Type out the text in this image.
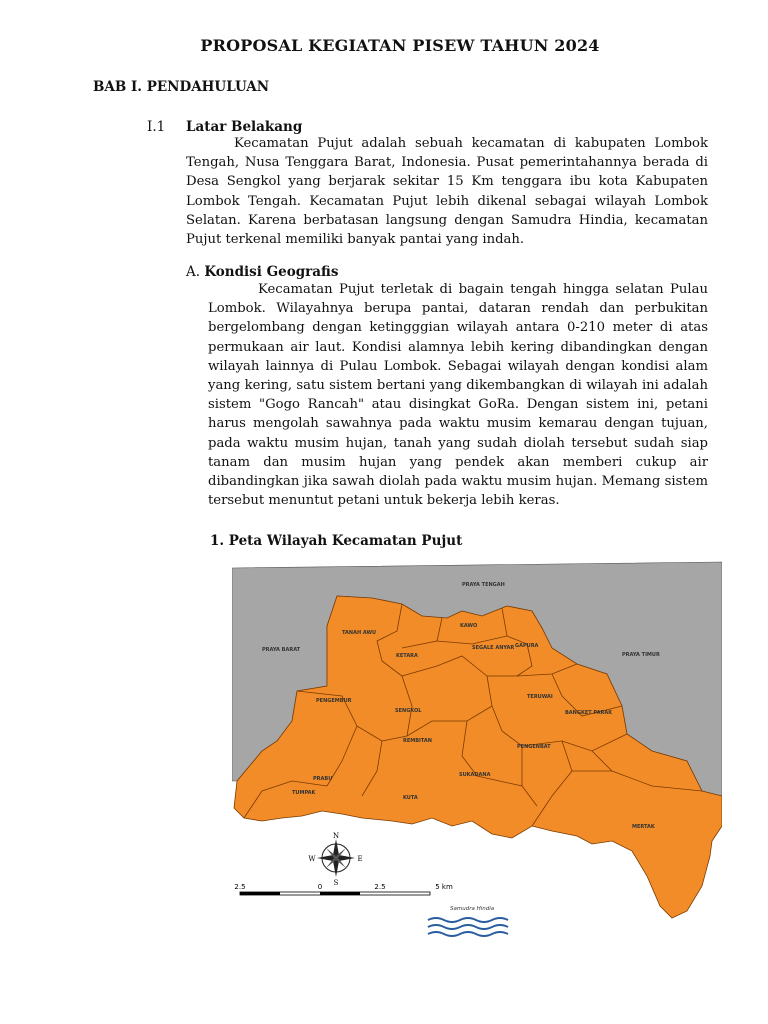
PROPOSAL KEGIATAN PISEW TAHUN 2024
BAB I. PENDAHULUAN
I.1 Latar Belakang

Kecamatan Pujut adalah sebuah kecamatan di kabupaten Lombok Tengah, Nusa Tenggara Barat, Indonesia. Pusat pemerintahannya berada di Desa Sengkol yang berjarak sekitar 15 Km tenggara ibu kota Kabupaten Lombok Tengah. Kecamatan Pujut lebih dikenal sebagai wilayah Lombok Selatan. Karena berbatasan langsung dengan Samudra Hindia, kecamatan Pujut terkenal memiliki banyak pantai yang indah.

A. Kondisi Geografis

Kecamatan Pujut terletak di bagain tengah hingga selatan Pulau Lombok. Wilayahnya berupa pantai, dataran rendah dan perbukitan bergelombang dengan ketingggian wilayah antara 0-210 meter di atas permukaan air laut. Kondisi alamnya lebih kering dibandingkan dengan wilayah lainnya di Pulau Lombok. Sebagai wilayah dengan kondisi alam yang kering, satu sistem bertani yang dikembangkan di wilayah ini adalah sistem "Gogo Rancah" atau disingkat GoRa. Dengan sistem ini, petani harus mengolah sawahnya pada waktu musim kemarau dengan tujuan, pada waktu musim hujan, tanah yang sudah diolah tersebut sudah siap tanam dan musim hujan yang pendek akan memberi cukup air dibandingkan jika sawah diolah pada waktu musim hujan. Memang sistem tersebut menuntut petani untuk bekerja lebih keras.

1. Peta Wilayah Kecamatan Pujut
PRAYA TENGAH
PRAYA BARAT
PRAYA TIMUR
TANAH AWU
KETARA
KAWO
SEGALE ANYAR GAPURA
PENGEMBUR
SENGKOL
TERUWAI
BANGKET PARAK
REMBITAN
PENGENBAT
PRABU
KUTA
SUKADANA
TUMPAK
MERTAK
N
S
E
W
2.5	0	2.5	5 km
Samudra Hindia
